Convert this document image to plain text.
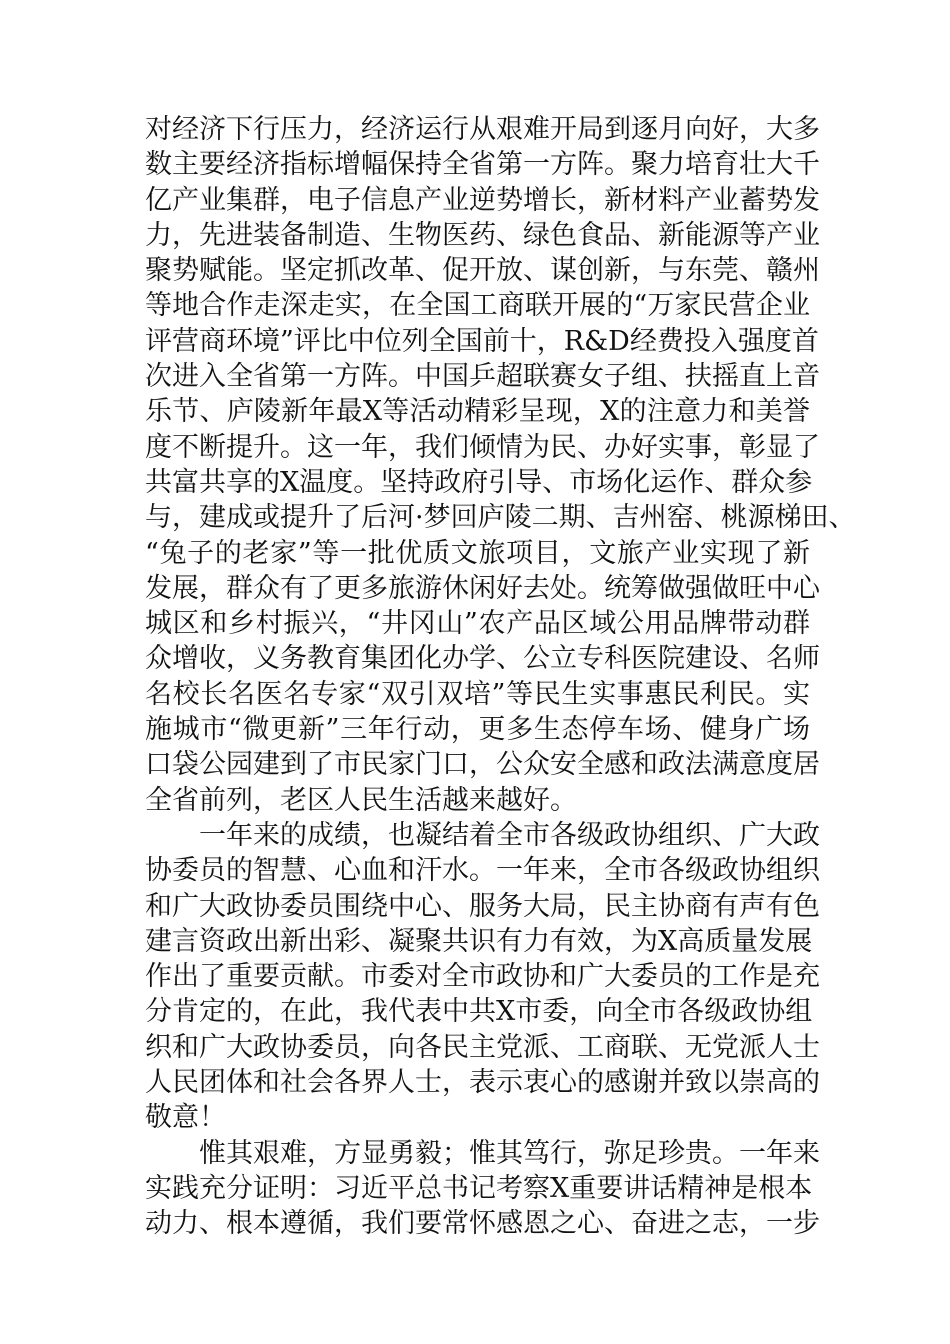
对经济下行压力，经济运行从艰难开局到逐月向好，大多
数主要经济指标增幅保持全省第一方阵。聚力培育壮大千
亿产业集群，电子信息产业逆势增长，新材料产业蓄势发
力，先进装备制造、生物医药、绿色食品、新能源等产业
聚势赋能。坚定抓改革、促开放、谋创新，与东莞、赣州
等地合作走深走实，在全国工商联开展的“万家民营企业
评营商环境”评比中位列全国前十，R&D经费投入强度首
次进入全省第一方阵。中国乒超联赛女子组、扶摇直上音
乐节、庐陵新年最X等活动精彩呈现，X的注意力和美誉
度不断提升。这一年，我们倾情为民、办好实事，彰显了
共富共享的X温度。坚持政府引导、市场化运作、群众参
与，建成或提升了后河·梦回庐陵二期、吉州窑、桃源梯田、
“兔子的老家”等一批优质文旅项目，文旅产业实现了新
发展，群众有了更多旅游休闲好去处。统筹做强做旺中心
城区和乡村振兴，“井冈山”农产品区域公用品牌带动群
众增收，义务教育集团化办学、公立专科医院建设、名师
名校长名医名专家“双引双培”等民生实事惠民利民。实
施城市“微更新”三年行动，更多生态停车场、健身广场
口袋公园建到了市民家门口，公众安全感和政法满意度居
全省前列，老区人民生活越来越好。
　　一年来的成绩，也凝结着全市各级政协组织、广大政
协委员的智慧、心血和汗水。一年来，全市各级政协组织
和广大政协委员围绕中心、服务大局，民主协商有声有色
建言资政出新出彩、凝聚共识有力有效，为X高质量发展
作出了重要贡献。市委对全市政协和广大委员的工作是充
分肯定的，在此，我代表中共X市委，向全市各级政协组
织和广大政协委员，向各民主党派、工商联、无党派人士
人民团体和社会各界人士，表示衷心的感谢并致以崇高的
敬意！
　　惟其艰难，方显勇毅；惟其笃行，弥足珍贵。一年来
实践充分证明：习近平总书记考察X重要讲话精神是根本
动力、根本遵循，我们要常怀感恩之心、奋进之志，一步
